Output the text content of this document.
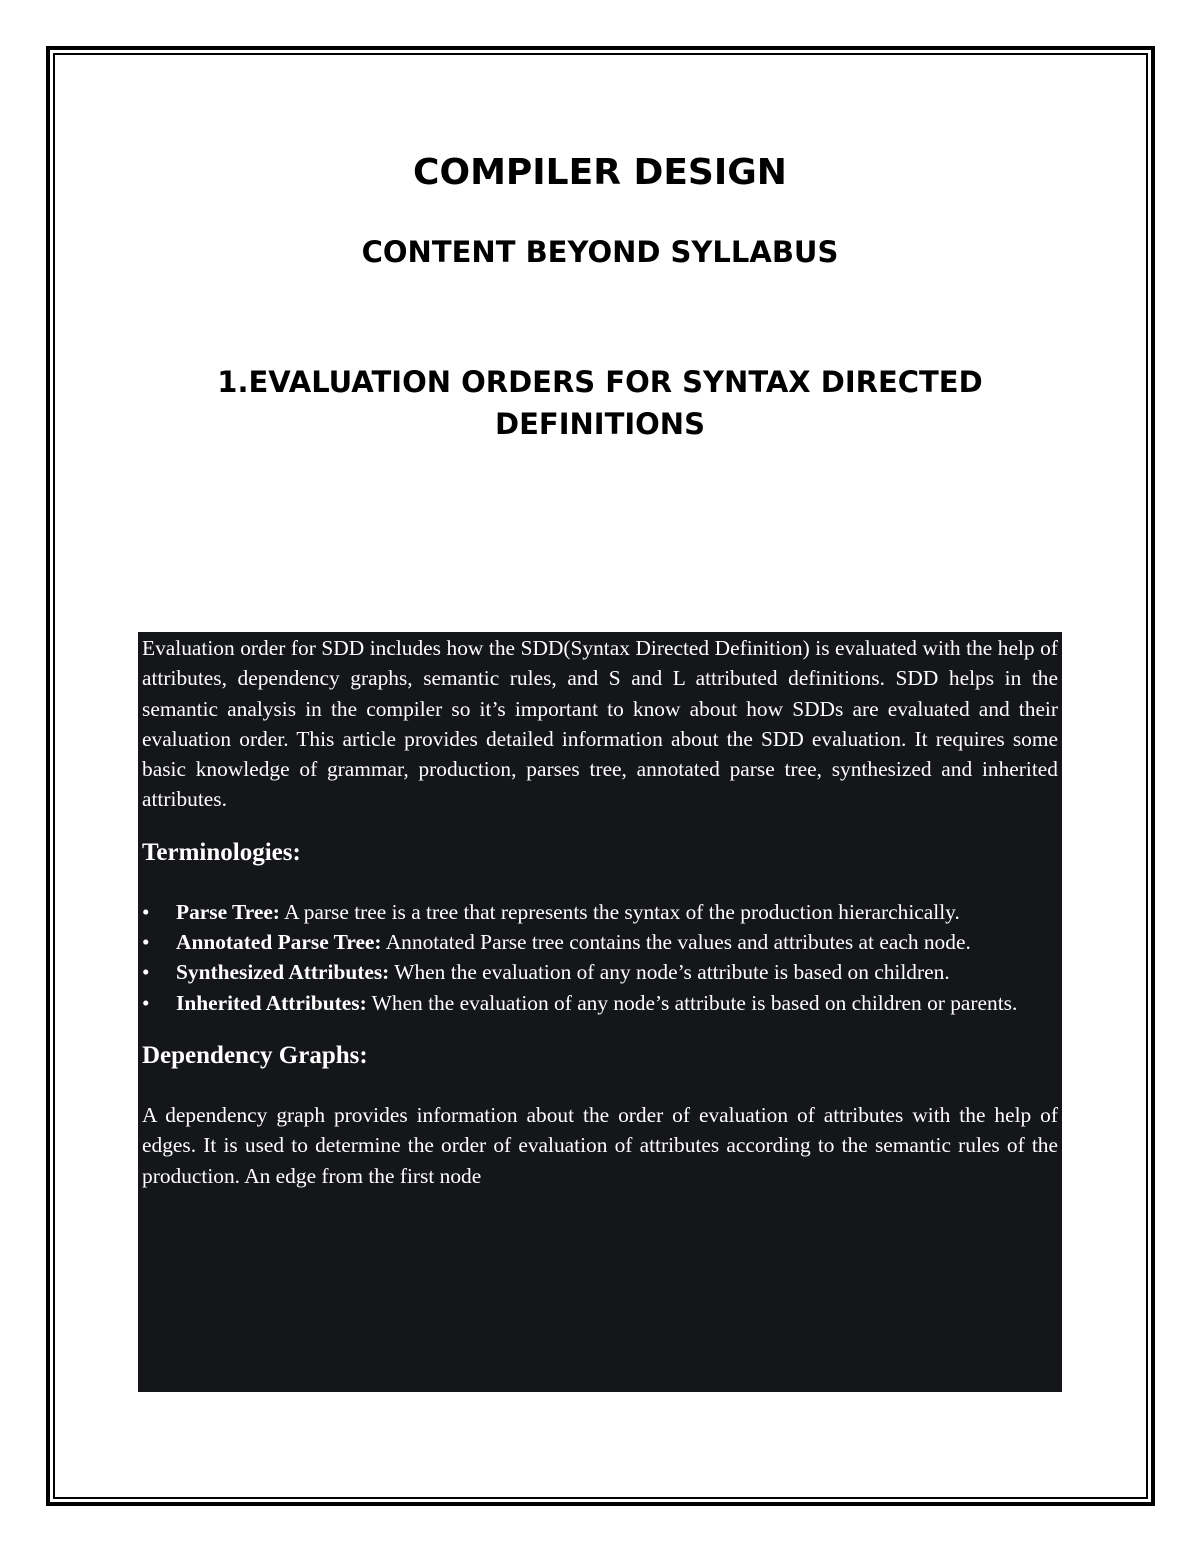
COMPILER DESIGN
CONTENT BEYOND SYLLABUS
1.EVALUATION ORDERS FOR SYNTAX DIRECTED
DEFINITIONS

Evaluation order for SDD includes how the SDD(Syntax Directed Definition) is evaluated with the help of attributes, dependency graphs, semantic rules, and S and L attributed definitions. SDD helps in the semantic analysis in the compiler so it’s important to know about how SDDs are evaluated and their evaluation order. This article provides detailed information about the SDD evaluation. It requires some basic knowledge of grammar, production, parses tree, annotated parse tree, synthesized and inherited attributes.

Terminologies:
•	Parse Tree: A parse tree is a tree that represents the syntax of the production hierarchically.
•	Annotated Parse Tree: Annotated Parse tree contains the values and attributes at each node.
•	Synthesized Attributes: When the evaluation of any node’s attribute is based on children.
•	Inherited Attributes: When the evaluation of any node’s attribute is based on children or parents.
Dependency Graphs:

A dependency graph provides information about the order of evaluation of attributes with the help of edges. It is used to determine the order of evaluation of attributes according to the semantic rules of the production. An edge from the first node
